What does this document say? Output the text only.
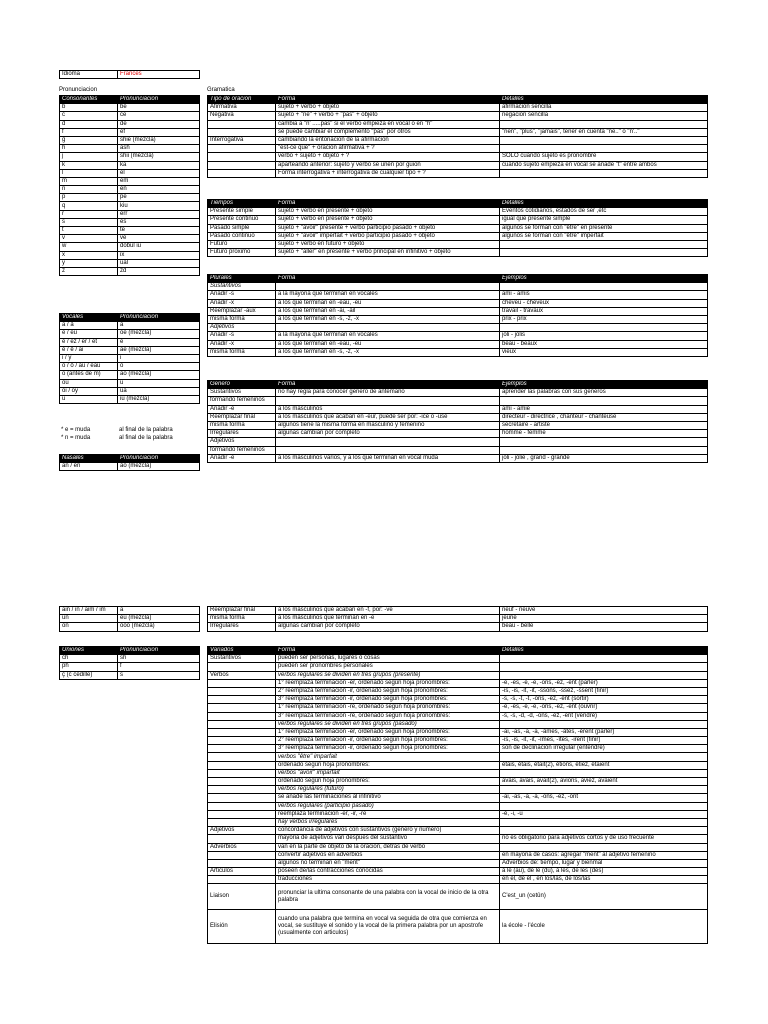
Idioma	Frances
Pronunciacion	Gramatica
Consonantes	Pronunciacion
b	be
c	ce
d	de
f	ef
g	shie (mezcla)
h	ash
j	shii (mezcla)
k	ka
l	el
m	em
n	en
p	pe
q	kiu
r	err
s	es
t	te
v	ve
w	dobul iu
x	ix
y	ual
z	zd
Vocales	Pronunciacion
a / à	a
e / eu	oe (mezcla)
é / ez / er / et	e
è / ê / ai	ae (mezcla)
i / y	i
o / ô / au / eau	o
o (antes de m)	ao (mezcla)
ou	u
oi / oy	ua
u	iu (mezcla)
* e = muda	al final de la palabra
* n = muda	al final de la palabra
Nasales	Pronunciacion
an / en	ao (mezcla)
ain / in / aim / im	a
un	eu (mezcla)
on	ooo (mezcla)
Uniones	Pronunciacion
ch	sh
ph	f
ç (c cedille)	s
Tipo de oracion	Forma	Detalles
Afirmativa	sujeto + verbo + objeto	afirmacion sencilla
Negativa	sujeto + "ne" + verbo + "pas" + objeto	negacion sencilla
	cambia a "n' .....pas" si el verbo empieza en vocal o en "h"	
	se puede cambiar el complemento "pas" por otros	"rien", "plus", "jamais", tener en cuenta "ne.." o "n'.."
Interrogativa	cambiando la entonacion de la afirmacion	
	"est-ce que" + oracion afirmativa + ?	
	verbo + sujeto + objeto + ?	SOLO cuando sujeto es pronombre
	aparteando anterior: sujeto y verbo se unen por guion	cuando sujeto empieza en vocal se añade "t" entre ambos
	Forma interrogativa + interrogativa de cualquier tipo + ?	
Tiempos	Forma	Detalles
Presente simple	sujeto + verbo en presente + objeto	Eventos cotidianos, estados de ser ,etc
Presente continuo	sujeto + verbo en presente + objeto	igual que presente simple
Pasado simple	sujeto + "avoir" presente + verbo participio pasado + objeto	algunos se forman con "être" en presente
Pasado continuo	sujeto + "avoir" imperfait + verbo participio pasado + objeto	algunos se forman con "être" imperfait
Futuro	sujeto + verbo en futuro + objeto	
Futuro proximo	sujeto + "aller" en presente + verbo principal en infinitivo + objeto	
Plurales	Forma	Ejemplos
Sustantivos		
Añadir -s	a la mayoria que terminan en vocales	ami - amis
Añadir -x	a los que terminan en -eau, -eu	cheveu - cheveux
Reemplazar -aux	a los que terminan en -ai, -ail	travail - travaux
misma forma	a los que terminan en -s, -z, -x	prix - prix
Adjetivos		
Añadir -s	a la mayoria que terminan en vocales	joli - jolis
Añadir -x	a los que terminan en -eau, -eu	beau - beaux
misma forma	a los que terminan en -s, -z, -x	vieux
Genero	Forma	Ejemplos
Sustantivos	no hay regla para conocer genero de antemano	aprender las palabras con sus generos
formando femeninos		
Añadir -e	a los masculinos	ami - amie
Reemplazar final	a los masculinos que acaban en -eur, puede ser por: -ice o -use	directeur - directrice , chanteur - chanteuse
misma forma	algunos tiene la misma forma en masculino y femenino	secretaire - artiste
Irregulares	algunas cambian por completo	homme - femme
Adjetivos		
formando femeninos		
Añadir -e	a los masculinos varios, y a los que terminan en vocal muda	joli - jolie , grand - grande
Reemplazar final	a los masculinos que acaban en -f, por: -ve	neuf - neuve
misma forma	a los masculinos que terminan en -e	jeune
Irregulares	algunas cambian por completo	beau - belle
Variados	Forma	Detalles
Sustantivos	pueden ser personas, lugares o cosas	
	pueden ser pronombres personales	
Verbos	verbos regulares se dividen en tres grupos (presente)	
	1° reemplaza terminacion -er, ordenado según hoja pronombres:	-e, -es, -e, -e, -ons, -ez, -ent (parler)
	2° reemplaza terminacion -ir, ordenado según hoja pronombres:	-is, -is, -it, -it, -ssons, -ssez, -ssent (finir)
	3° reemplaza terminacion -ir, ordenado según hoja pronombres:	-s, -s, -t, -t, -ons, -ez, -ent (sortir)
	1° reemplaza terminacion -re, ordenado según hoja pronombres:	-e, -es, -e, -e, -ons, -ez, -ent (ouvrir)
	3° reemplaza terminacion -re, ordenado según hoja pronombres:	-s, -s, -d, -d, -ons, -ez, -ent (vendre)
	verbos regulares se dividen en tres grupos (pasado)	
	1° reemplaza terminacion -er, ordenado según hoja pronombres:	-ai, -as, -a, -a, -âmes, -âtes, -èrent (parler)
	2° reemplaza terminacion -ir, ordenado según hoja pronombres:	-is, -is, -it, -it, -îmes, -îtes, -irent (finir)
	3° reemplaza terminacion -ir, ordenado según hoja pronombres:	son de declinación irregular (entendre)
	verbos "être" imparfait	
	ordenado según hoja pronombres:	étais, étais, était(2), étions, étiez, étaient
	verbos "avoir" imparfait	
	ordenado según hoja pronombres:	avais, avais, avait(2), avions, aviez, avaient
	verbos regulares (futuro)	
	se añade las terminaciones al infinitivo	-ai, -as, -a, -a, -ons, -ez, -ont
	verbos regulares (participio pasado)	
	reemplaza terminacion -er, -ir, -re	-é, -i, -u
	hay verbos irregulares	
Adjetivos	concordancia de adjetivos con sustantivos (genero y numero)	
	mayoria de adjetivos van despues del sustantivo	no es obligatorio para adjetivos cortos y de uso frecuente
Adverbios	van en la parte de objeto de la oracion, detras de verbo	
	convertir adjetivos en adverbios	en mayoria de casos: agregar "ment" al adjetivo femenino
	algunos no terminan en "ment"	Adverbios de: tiempo, lugar y bienmal
Articulos	poseen de/las contracciones conocidas	à le (au), de le (du), à les, de les (des)
	traducciones	en el, de el , en los/las, de los/las
Liaison	pronunciar la ultima consonante de una palabra con la vocal de inicio de la otra palabra	C'est_un (cetûn)
Elisión	cuando una palabra que termina en vocal va seguida de otra que comienza en vocal, se sustituye el sonido y la vocal de la primera palabra por un apostrofe (usualmente con articulos)	la école - l'école
